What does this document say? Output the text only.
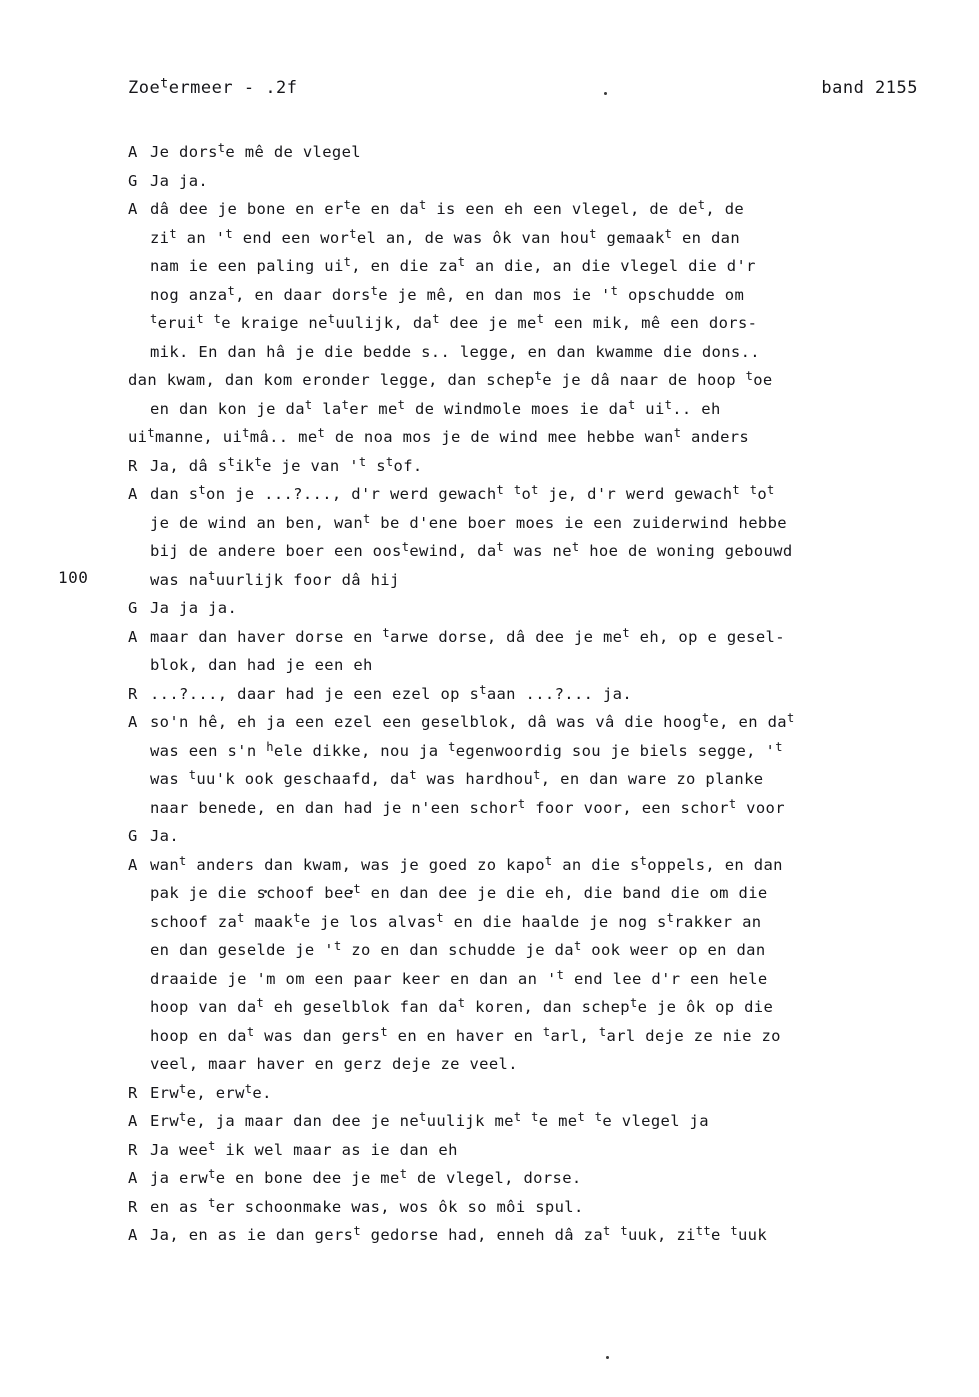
Zoe$^t$ermeer - .2f	band 2155
A Je dors$^t$e mê de vlegel
G Ja ja.
A dâ dee je bone en $er^te$ en $da^t$ is een eh een vlegel, de $de^t$, de
$zi^t$ an '$^t$ end een wor$^t$el an, de was ôk van hou$^t$ gemaak$^t$ en dan
nam ie een paling $ui^t$, en die $za^t$ an die, an die vlegel die d'r
nog anza$^t$, en daar dors$^t$e je mê, en dan mos ie '$^t$ opschudde om
$^t$erui$^t$ $^t$e kraige $ne^tuulijk$, $da^t$ dee je $me^t$ een mik, mê een dors-
mik. En dan hâ je die bedde s.. legge, en dan kwamme die dons..
dan kwam, dan kom eronder legge, dan schep$^t$e je dâ naar de hoop $^t$oe
en dan kon je $da^t$ $la^ter$ $me^t$ de windmole moes ie $da^t$ $ui^t$.. eh
$ui^tmanne$, $ui^tmâ$.. $me^t$ de noa mos je de wind mee hebbe wan$^t$ anders
R Ja, dâ $s^tik^te$ je van '$^t$ $s^tof$.
A dan $s^ton$ je ...?..., d'r werd gewach$^t$ $^to^t$ je, d'r werd gewach$^t$ $^to^t$
je de wind an ben, wan$^t$ be d'ene boer moes ie een zuiderwind hebbe
bij de andere boer een oos$^t$ewind, $da^t$ was $ne^t$ hoe de woning gebouwd
was $na^tuurlijk$ foor dâ hij
G Ja ja ja.
A maar dan haver dorse en $^t$arwe dorse, dâ dee je $me^t$ eh, op e gesel-
blok, dan had je een eh
R ...?..., daar had je een ezel op $s^taan$ ...?... ja.
A so'n hê, eh ja een ezel een geselblok, dâ was vâ die hoog$^t$e, en $da^t$
was een s'n $^h$ele dikke, nou ja $^t$egenwoordig sou je biels segge, '$^t$
was $^t$uu'k ook geschaafd, $da^t$ was hardhou$^t$, en dan ware zo planke
naar benede, en dan had je n'een schor$^t$ foor voor, een schor$^t$ voor
G Ja.
A wan$^t$ anders dan kwam, was je goed zo kapo$^t$ an die $s^toppels$, en dan
pak je die schoof bee$^t$ en dan dee je die eh, die band die om die
schoof $za^t$ maak$^t$e je los alvas$^t$ en die haalde je nog $s^trakker$ an
en dan geselde je '$^t$ zo en dan schudde je $da^t$ ook weer op en dan
draaide je 'm om een paar keer en dan an '$^t$ end lee d'r een hele
hoop van $da^t$ eh geselblok fan $da^t$ koren, dan schep$^t$e je ôk op die
hoop en $da^t$ was dan gers$^t$ en en haver en $^t$arl, $^t$arl deje ze nie zo
veel, maar haver en gerz deje ze veel.
R Erw$^t$e, erw$^t$e.
A Erw$^t$e, ja maar dan dee je $ne^tuulijk$ $me^t$ $^t$e $me^t$ $^t$e vlegel ja
R Ja wee$^t$ ik wel maar as ie dan eh
A ja erw$^t$e en bone dee je $me^t$ de vlegel, dorse.
R en as $^t$er schoonmake was, wos ôk so môi spul.
A Ja, en as ie dan gers$^t$ gedorse had, enneh dâ $za^t$ $^t$uuk, $zi^{tt}e$ $^t$uuk
100
